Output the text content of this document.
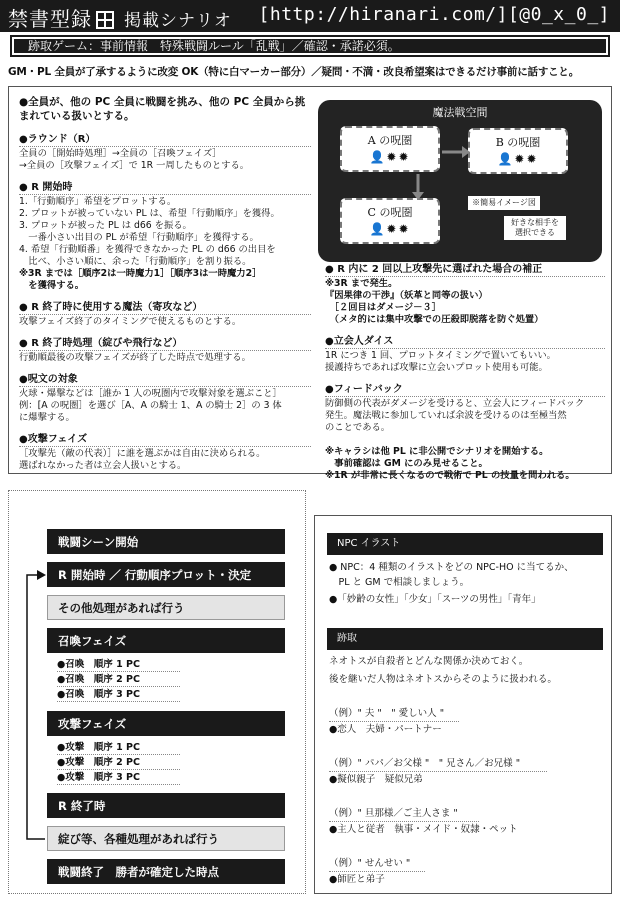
禁書型録 掲載シナリオ [http://hiranari.com/][@0_x_0_]
跡取ゲーム：事前情報　特殊戦闘ルール「乱戦」／確認・承諾必須。
GM・PL 全員が了承するように改変 OK（特に白マーカー部分）／疑問・不満・改良希望案はできるだけ事前に話すこと。
●全員が、他の PC 全員に戦闘を挑み、他の PC 全員から挑まれている扱いとする。
●ラウンド（R）

全員の［開始時処理］→全員の［召喚フェイズ］

→全員の［攻撃フェイズ］で 1R 一周したものとする。

● R 開始時

1.「行動順序」希望をプロットする。

2. プロットが被っていない PL は、希望「行動順序」を獲得。

3. プロットが被った PL は d66 を振る。

　一番小さい出目の PL が希望「行動順序」を獲得する。

4. 希望「行動順番」を獲得できなかった PL の d66 の出目を

　比べ、小さい順に、余った「行動順序」を割り振る。

※3R までは［順序2は一時魔力1］［順序3は一時魔力2］

　を獲得する。

● R 終了時に使用する魔法（寄攻など）

攻撃フェイズ終了のタイミングで使えるものとする。

● R 終了時処理（綻びや飛行など）

行動順最後の攻撃フェイズが終了した時点で処理する。

●呪文の対象

火球・爆撃などは［誰か 1 人の呪圏内で攻撃対象を選ぶこと］

例：[A の呪圏］を選び［A、A の騎士 1、A の騎士 2］の 3 体

に爆撃する。

●攻撃フェイズ

［攻撃先（敵の代表）］に誰を選ぶかは自由に決められる。

選ばれなかった者は立会人扱いとする。

● R 内に 2 回以上攻撃先に選ばれた場合の補正

※3R まで発生。

『因果律の干渉』（妖革と同等の扱い）

　［２回目はダメージ－３］

　（メタ的には集中攻撃での圧殺即脱落を防ぐ処置）

●立会人ダイス

1R につき 1 回、プロットタイミングで置いてもいい。

援護持ちであれば攻撃に立会いプロット使用も可能。

●フィードバック

防御側の代表がダメージを受けると、立会人にフィードバック

発生。魔法戦に参加していれば余波を受けるのは至極当然

のことである。

※キャラシは他 PL に非公開でシナリオを開始する。

　事前確認は GM にのみ見せること。

※1R が非常に長くなるので戦術で PL の技量を問われる。

魔法戦空間
A の呪圏
👤✹✹
B の呪圏
👤✹✹
C の呪圏
👤✹✹
※簡易イメージ図
好きな相手を
選択できる
戦闘シーン開始
R 開始時 ／ 行動順序プロット・決定
その他処理があれば行う
召喚フェイズ
●召喚　順序 1 PC
●召喚　順序 2 PC
●召喚　順序 3 PC
攻撃フェイズ
●攻撃　順序 1 PC
●攻撃　順序 2 PC
●攻撃　順序 3 PC
R 終了時
綻び等、各種処理があれば行う
戦闘終了　勝者が確定した時点
NPC イラスト
● NPC：4 種類のイラストをどの NPC-HO に当てるか、
　PL と GM で相談しましょう。
●「妙齢の女性」「少女」「スーツの男性」「青年」
跡取
ネオトスが自殺者とどんな関係か決めておく。
後を継いだ人物はネオトスからそのように扱われる。
（例）" 夫 "　" 愛しい人 "
●恋人　夫婦・パートナー
（例）" パパ／お父様 "　" 兄さん／お兄様 "
●擬似親子　疑似兄弟
（例）" 旦那様／ご主人さま "
●主人と従者　執事・メイド・奴隷・ペット
（例）" せんせい "
●師匠と弟子
